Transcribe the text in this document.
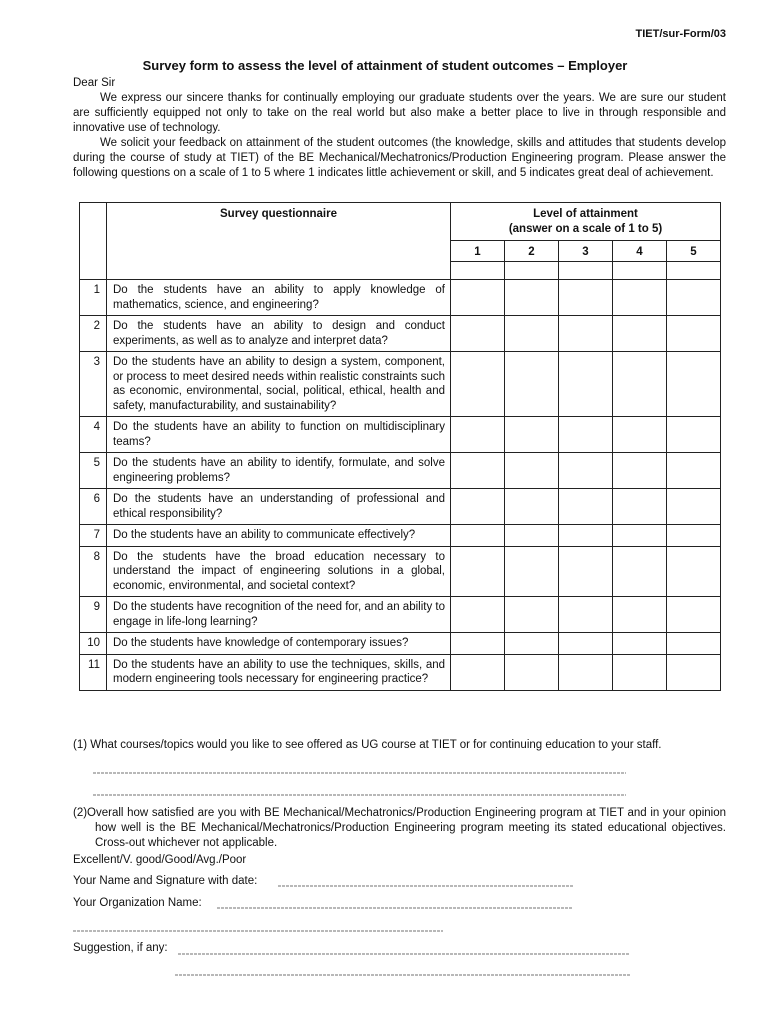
TIET/sur-Form/03
Survey form to assess the level of attainment of student outcomes – Employer
Dear Sir
We express our sincere thanks for continually employing our graduate students over the years. We are sure our student are sufficiently equipped not only to take on the real world but also make a better place to live in through responsible and innovative use of technology.
We solicit your feedback on attainment of the student outcomes (the knowledge, skills and attitudes that students develop during the course of study at TIET) of the BE Mechanical/Mechatronics/Production Engineering program. Please answer the following questions on a scale of 1 to 5 where 1 indicates little achievement or skill, and 5 indicates great deal of achievement.
	Survey questionnaire	Level of attainment
(answer on a scale of 1 to 5)				

		1	2	3	4	5

1	Do the students have an ability to apply knowledge of mathematics, science, and engineering?					
2	Do the students have an ability to design and conduct experiments, as well as to analyze and interpret data?					
3	Do the students have an ability to design a system, component, or process to meet desired needs within realistic constraints such as economic, environmental, social, political, ethical, health and safety, manufacturability, and sustainability?					
4	Do the students have an ability to function on multidisciplinary teams?					
5	Do the students have an ability to identify, formulate, and solve engineering problems?					
6	Do the students have an understanding of professional and ethical responsibility?					
7	Do the students have an ability to communicate effectively?					
8	Do the students have the broad education necessary to understand the impact of engineering solutions in a global, economic, environmental, and societal context?					
9	Do the students have recognition of the need for, and an ability to engage in life-long learning?					
10	Do the students have knowledge of contemporary issues?					
11	Do the students have an ability to use the techniques, skills, and modern engineering tools necessary for engineering practice?					
(1) What courses/topics would you like to see offered as UG course at TIET or for continuing education to your staff.
(2)Overall how satisfied are you with BE Mechanical/Mechatronics/Production Engineering program at TIET and in your opinion how well is the BE Mechanical/Mechatronics/Production Engineering program meeting its stated educational objectives. Cross-out whichever not applicable.
Excellent/V. good/Good/Avg./Poor
Your Name and Signature with date:
Your Organization Name:
Suggestion, if any:
